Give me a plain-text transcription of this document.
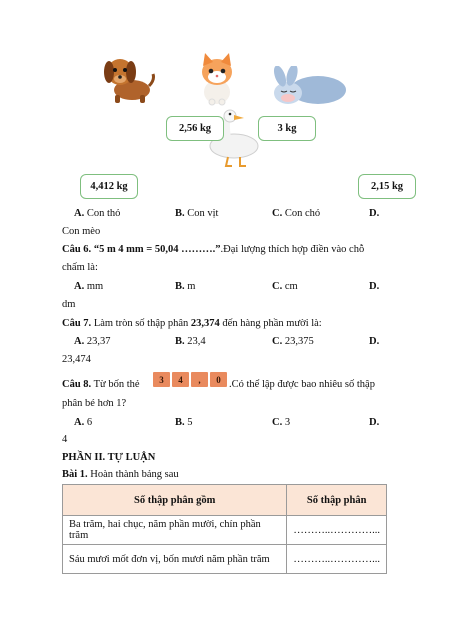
2,56 kg	3 kg
4,412 kg	2,15 kg
A. Con thỏ	B. Con vịt	C. Con chó	D.
Con mèo
Câu 6. “5 m 4 mm = 50,04 ……….”.Đại lượng thích hợp điền vào chỗ
chấm là:
A. mm	B. m	C. cm	D.
dm
Câu 7. Làm tròn số thập phân 23,374 đến hàng phần mười là:
A. 23,37	B. 23,4	C. 23,375	D.
23,474
Câu 8. Từ bốn thẻ	3	4	,	0 .Có thể lập được bao nhiêu số thập
phân bé hơn 1?
A. 6	B. 5	C. 3	D.
4
PHẦN II. TỰ LUẬN
Bài 1. Hoàn thành bảng sau
Số thập phân gồm	Số thập phân
Ba trăm, hai chục, năm phần mười, chín phần trăm	………..…………...
Sáu mươi mốt đơn vị, bốn mươi năm phần trăm	………..…………...
